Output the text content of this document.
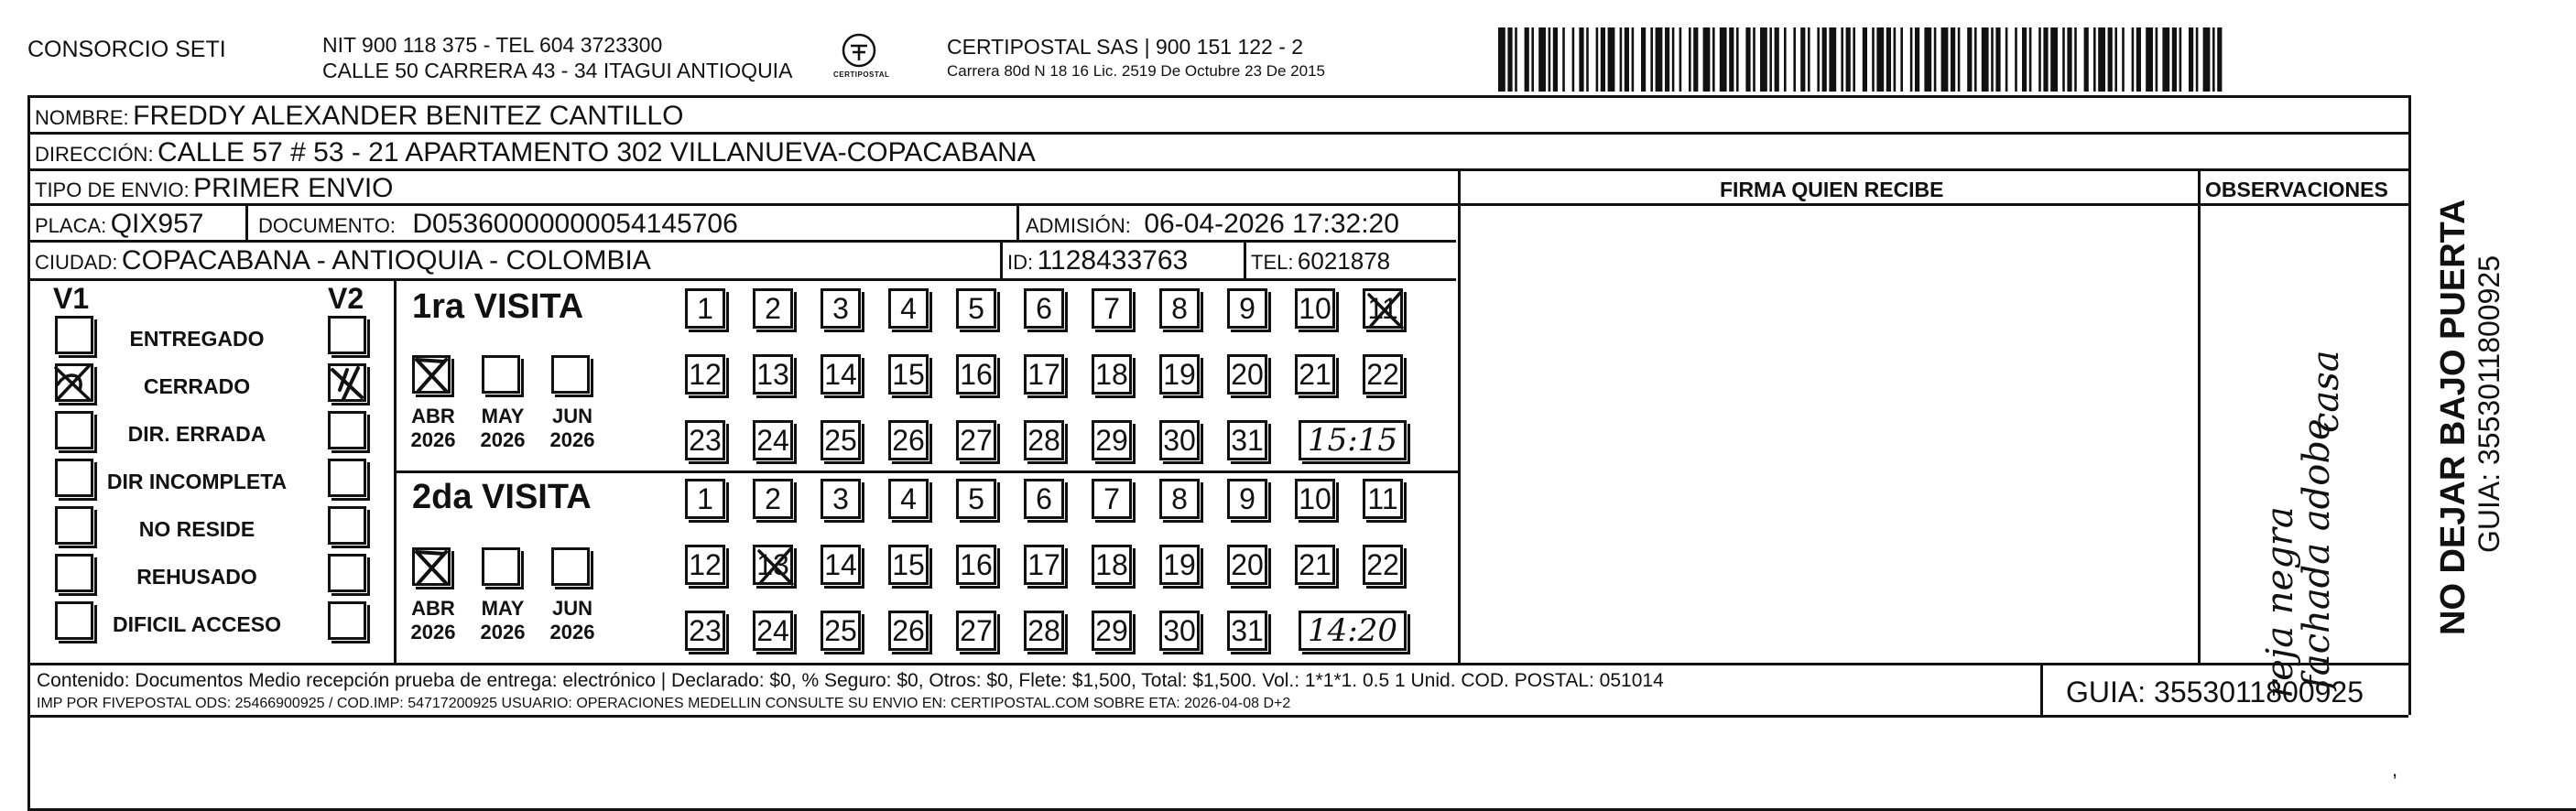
CONSORCIO SETI	NIT 900 118 375 - TEL 604 3723300
CALLE 50 CARRERA 43 - 34 ITAGUI ANTIOQUIA	CERTIPOSTAL
CERTIPOSTAL SAS | 900 151 122 - 2
Carrera 80d N 18 16 Lic. 2519 De Octubre 23 De 2015
NOMBRE: FREDDY ALEXANDER BENITEZ CANTILLO
DIRECCIÓN: CALLE 57 # 53 - 21 APARTAMENTO 302 VILLANUEVA-COPACABANA
TIPO DE ENVIO: PRIMER ENVIO
PLACA: QIX957	DOCUMENTO: D05360000000054145706	ADMISIÓN: 06-04-2026 17:32:20
CIUDAD: COPACABANA - ANTIOQUIA - COLOMBIA	ID: 1128433763	TEL: 6021878
FIRMA QUIEN RECIBE	OBSERVACIONES
V1	V2
ENTREGADO
CERRADO
DIR. ERRADA
DIR INCOMPLETA
NO RESIDE
REHUSADO
DIFICIL ACCESO
1ra VISITA
2da VISITA
ABR
2026
MAY
2026
JUN
2026
ABR
2026
MAY
2026
JUN
2026
1	2	3	4	5	6	7	8	9	10 11
12 13 14 15 16 17 18 19 20 21 22
23 24 25 26 27 28 29 30 31 15:15
1	2	3	4	5	6	7	8	9	10 11
12 13 14 15 16 17 18 19 20 21 22
23 24 25 26 27 28 29 30 31 14:20	reja negra
fachada adobe
casa
Contenido: Documentos Medio recepción prueba de entrega: electrónico | Declarado: $0, % Seguro: $0, Otros: $0, Flete: $1,500, Total: $1,500. Vol.: 1*1*1. 0.5 1 Unid. COD. POSTAL: 051014
IMP POR FIVEPOSTAL ODS: 25466900925 / COD.IMP: 54717200925 USUARIO: OPERACIONES MEDELLIN CONSULTE SU ENVIO EN: CERTIPOSTAL.COM SOBRE ETA: 2026-04-08 D+2	GUIA: 3553011800925
,
NO DEJAR BAJO PUERTA GUIA: 3553011800925
